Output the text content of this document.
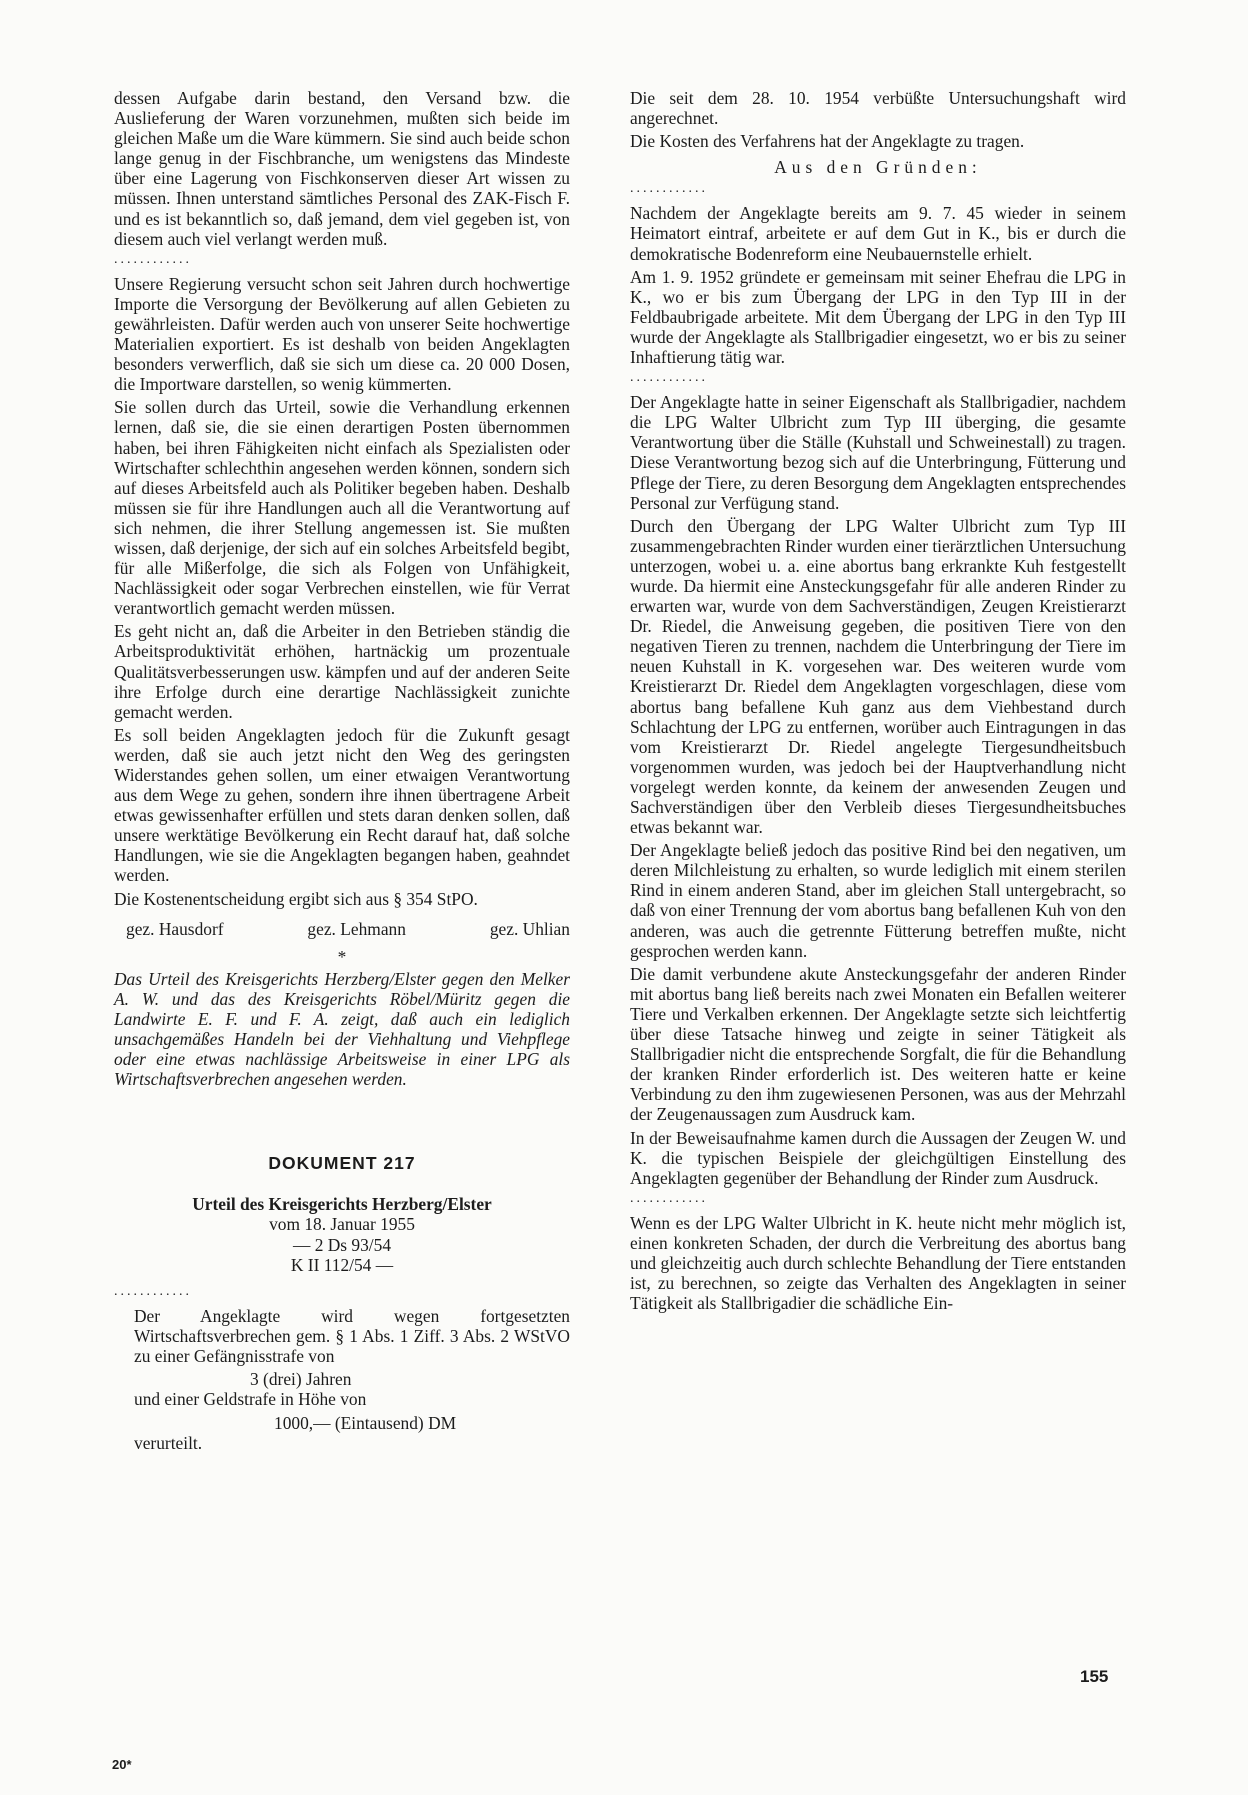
dessen Aufgabe darin bestand, den Versand bzw. die Auslieferung der Waren vorzunehmen, mußten sich beide im gleichen Maße um die Ware kümmern. Sie sind auch beide schon lange genug in der Fischbranche, um wenigstens das Mindeste über eine Lagerung von Fischkonserven dieser Art wissen zu müssen. Ihnen unterstand sämtliches Personal des ZAK-Fisch F. und es ist bekanntlich so, daß jemand, dem viel gegeben ist, von diesem auch viel verlangt werden muß.

............

Unsere Regierung versucht schon seit Jahren durch hochwertige Importe die Versorgung der Bevölkerung auf allen Gebieten zu gewährleisten. Dafür werden auch von unserer Seite hochwertige Materialien exportiert. Es ist deshalb von beiden Angeklagten besonders verwerflich, daß sie sich um diese ca. 20 000 Dosen, die Importware darstellen, so wenig kümmerten.

Sie sollen durch das Urteil, sowie die Verhandlung erkennen lernen, daß sie, die sie einen derartigen Posten übernommen haben, bei ihren Fähigkeiten nicht einfach als Spezialisten oder Wirtschafter schlechthin angesehen werden können, sondern sich auf dieses Arbeitsfeld auch als Politiker begeben haben. Deshalb müssen sie für ihre Handlungen auch all die Verantwortung auf sich nehmen, die ihrer Stellung angemessen ist. Sie mußten wissen, daß derjenige, der sich auf ein solches Arbeitsfeld begibt, für alle Mißerfolge, die sich als Folgen von Unfähigkeit, Nachlässigkeit oder sogar Verbrechen einstellen, wie für Verrat verantwortlich gemacht werden müssen.

Es geht nicht an, daß die Arbeiter in den Betrieben ständig die Arbeitsproduktivität erhöhen, hartnäckig um prozentuale Qualitätsverbesserungen usw. kämpfen und auf der anderen Seite ihre Erfolge durch eine derartige Nachlässigkeit zunichte gemacht werden.

Es soll beiden Angeklagten jedoch für die Zukunft gesagt werden, daß sie auch jetzt nicht den Weg des geringsten Widerstandes gehen sollen, um einer etwaigen Verantwortung aus dem Wege zu gehen, sondern ihre ihnen übertragene Arbeit etwas gewissenhafter erfüllen und stets daran denken sollen, daß unsere werktätige Bevölkerung ein Recht darauf hat, daß solche Handlungen, wie sie die Angeklagten begangen haben, geahndet werden.

Die Kostenentscheidung ergibt sich aus § 354 StPO.

gez. Hausdorf	gez. Lehmann	gez. Uhlian
*

Das Urteil des Kreisgerichts Herzberg/Elster gegen den Melker A. W. und das des Kreisgerichts Röbel/Müritz gegen die Landwirte E. F. und F. A. zeigt, daß auch ein lediglich unsachgemäßes Handeln bei der Viehhaltung und Viehpflege oder eine etwas nachlässige Arbeitsweise in einer LPG als Wirtschaftsverbrechen angesehen werden.

DOKUMENT 217
Urteil des Kreisgerichts Herzberg/Elster
vom 18. Januar 1955
— 2 Ds 93/54
K II 112/54 —
............

Der Angeklagte wird wegen fortgesetzten Wirtschaftsverbrechen gem. § 1 Abs. 1 Ziff. 3 Abs. 2 WStVO zu einer Gefängnisstrafe von

3 (drei) Jahren
und einer Geldstrafe in Höhe von
1000,— (Eintausend) DM
verurteilt.

Die seit dem 28. 10. 1954 verbüßte Untersuchungshaft wird angerechnet.

Die Kosten des Verfahrens hat der Angeklagte zu tragen.

Aus den Gründen:
............

Nachdem der Angeklagte bereits am 9. 7. 45 wieder in seinem Heimatort eintraf, arbeitete er auf dem Gut in K., bis er durch die demokratische Bodenreform eine Neubauernstelle erhielt.

Am 1. 9. 1952 gründete er gemeinsam mit seiner Ehefrau die LPG in K., wo er bis zum Übergang der LPG in den Typ III in der Feldbaubrigade arbeitete. Mit dem Übergang der LPG in den Typ III wurde der Angeklagte als Stallbrigadier eingesetzt, wo er bis zu seiner Inhaftierung tätig war.

............

Der Angeklagte hatte in seiner Eigenschaft als Stallbrigadier, nachdem die LPG Walter Ulbricht zum Typ III überging, die gesamte Verantwortung über die Ställe (Kuhstall und Schweinestall) zu tragen. Diese Verantwortung bezog sich auf die Unterbringung, Fütterung und Pflege der Tiere, zu deren Besorgung dem Angeklagten entsprechendes Personal zur Verfügung stand.

Durch den Übergang der LPG Walter Ulbricht zum Typ III zusammengebrachten Rinder wurden einer tierärztlichen Untersuchung unterzogen, wobei u. a. eine abortus bang erkrankte Kuh festgestellt wurde. Da hiermit eine Ansteckungsgefahr für alle anderen Rinder zu erwarten war, wurde von dem Sachverständigen, Zeugen Kreistierarzt Dr. Riedel, die Anweisung gegeben, die positiven Tiere von den negativen Tieren zu trennen, nachdem die Unterbringung der Tiere im neuen Kuhstall in K. vorgesehen war. Des weiteren wurde vom Kreistierarzt Dr. Riedel dem Angeklagten vorgeschlagen, diese vom abortus bang befallene Kuh ganz aus dem Viehbestand durch Schlachtung der LPG zu entfernen, worüber auch Eintragungen in das vom Kreistierarzt Dr. Riedel angelegte Tiergesundheitsbuch vorgenommen wurden, was jedoch bei der Hauptverhandlung nicht vorgelegt werden konnte, da keinem der anwesenden Zeugen und Sachverständigen über den Verbleib dieses Tiergesundheitsbuches etwas bekannt war.

Der Angeklagte beließ jedoch das positive Rind bei den negativen, um deren Milchleistung zu erhalten, so wurde lediglich mit einem sterilen Rind in einem anderen Stand, aber im gleichen Stall untergebracht, so daß von einer Trennung der vom abortus bang befallenen Kuh von den anderen, was auch die getrennte Fütterung betreffen mußte, nicht gesprochen werden kann.

Die damit verbundene akute Ansteckungsgefahr der anderen Rinder mit abortus bang ließ bereits nach zwei Monaten ein Befallen weiterer Tiere und Verkalben erkennen. Der Angeklagte setzte sich leichtfertig über diese Tatsache hinweg und zeigte in seiner Tätigkeit als Stallbrigadier nicht die entsprechende Sorgfalt, die für die Behandlung der kranken Rinder erforderlich ist. Des weiteren hatte er keine Verbindung zu den ihm zugewiesenen Personen, was aus der Mehrzahl der Zeugenaussagen zum Ausdruck kam.

In der Beweisaufnahme kamen durch die Aussagen der Zeugen W. und K. die typischen Beispiele der gleichgültigen Einstellung des Angeklagten gegenüber der Behandlung der Rinder zum Ausdruck.

............

Wenn es der LPG Walter Ulbricht in K. heute nicht mehr möglich ist, einen konkreten Schaden, der durch die Verbreitung des abortus bang und gleichzeitig auch durch schlechte Behandlung der Tiere entstanden ist, zu berechnen, so zeigte das Verhalten des Angeklagten in seiner Tätigkeit als Stallbrigadier die schädliche Ein-

20*
155
